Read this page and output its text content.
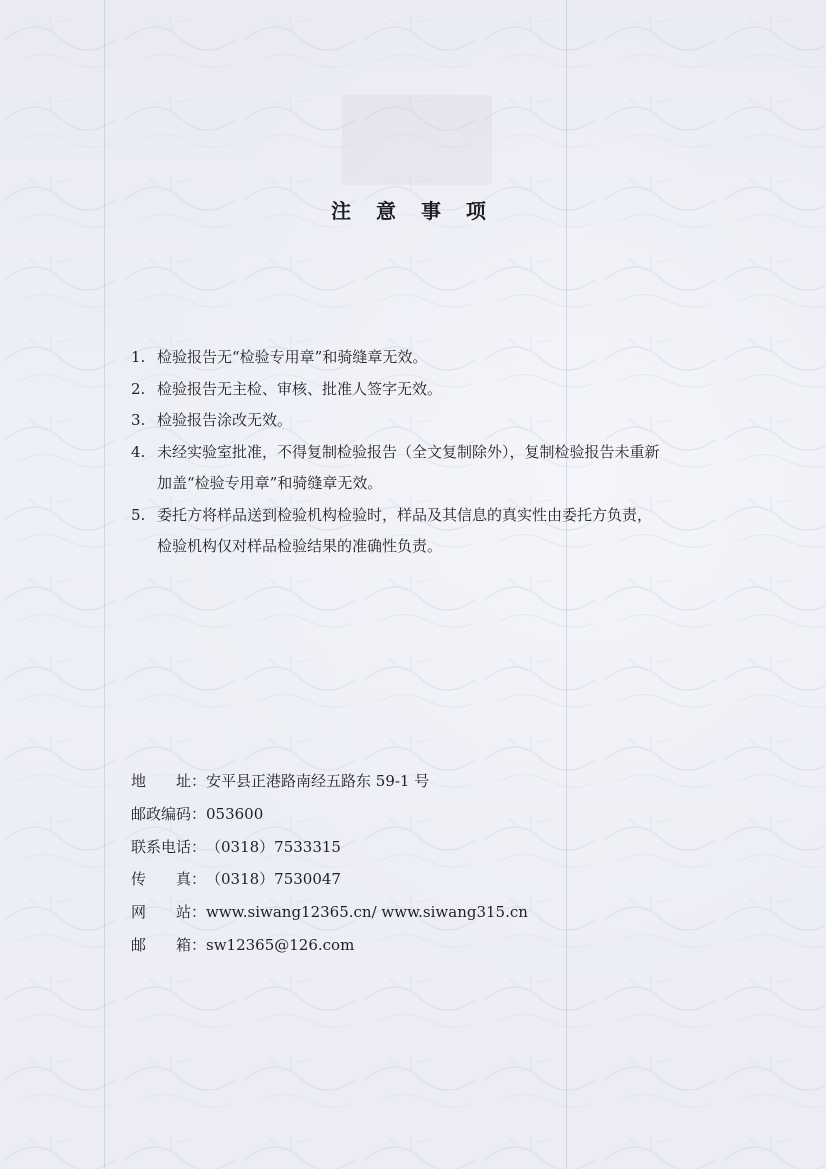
注 意 事 项
1. 检验报告无“检验专用章”和骑缝章无效。
2. 检验报告无主检、审核、批准人签字无效。
3. 检验报告涂改无效。
4. 未经实验室批准，不得复制检验报告（全文复制除外），复制检验报告未重新
加盖“检验专用章”和骑缝章无效。
5. 委托方将样品送到检验机构检验时，样品及其信息的真实性由委托方负责，
检验机构仅对样品检验结果的准确性负责。
地 址： 安平县正港路南经五路东 59-1 号
邮政编码： 053600
联系电话： （0318）7533315
传 真： （0318）7530047
网 站： www.siwang12365.cn/ www.siwang315.cn
邮 箱： sw12365@126.com
